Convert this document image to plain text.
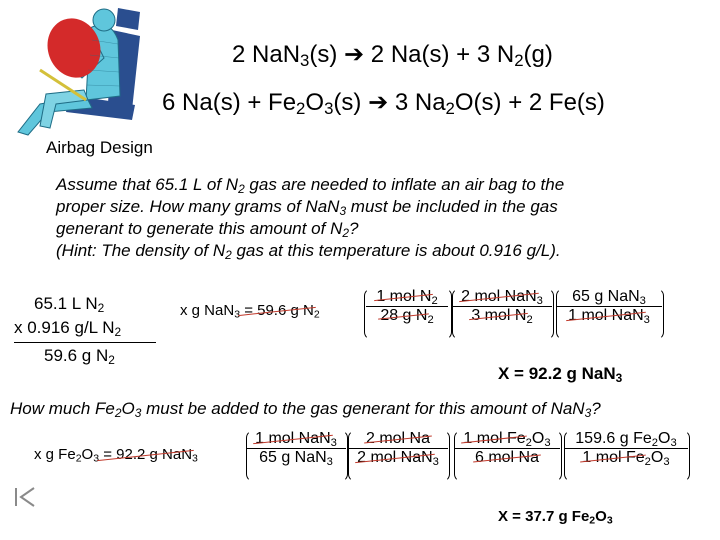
2 NaN$_3$(s) ➔ 2 Na(s) + 3 $N_2(g)$
6 $Na(s) + Fe_2O_3(s)$ ➔ 3 $Na_2O(s) + 2$ Fe(s)
Airbag Design
Assume that 65.1 L of $N_2$ gas are needed to inflate an air bag to the
proper size. How many grams of NaN$_3$ must be included in the gas
generant to generate this amount of $N_2$?
(Hint: The density of $N_2$ gas at this temperature is about 0.916 g/L).
65.1 L $N_2$
x 0.916 g/L $N_2$
59.6 g $N_2$
x g NaN$_3$ = 59.6 g $N_2$
1 mol $N_2$
28 g $N_2$
2 mol NaN$_3$
3 mol $N_2$
65 g NaN$_3$
1 mol NaN$_3$
X = 92.2 g NaN$_3$
How much $Fe_2O_3$ must be added to the gas generant for this amount of NaN$_3$?
x g $Fe_2O_3 = 92.2$ g NaN$_3$
1 mol NaN$_3$
65 g NaN$_3$
2 mol Na
2 mol NaN$_3$
1 mol $Fe_2O_3$
6 mol Na
159.6 g $Fe_2O_3$
1 mol $Fe_2O_3$
X = 37.7 g $Fe_2O_3$
